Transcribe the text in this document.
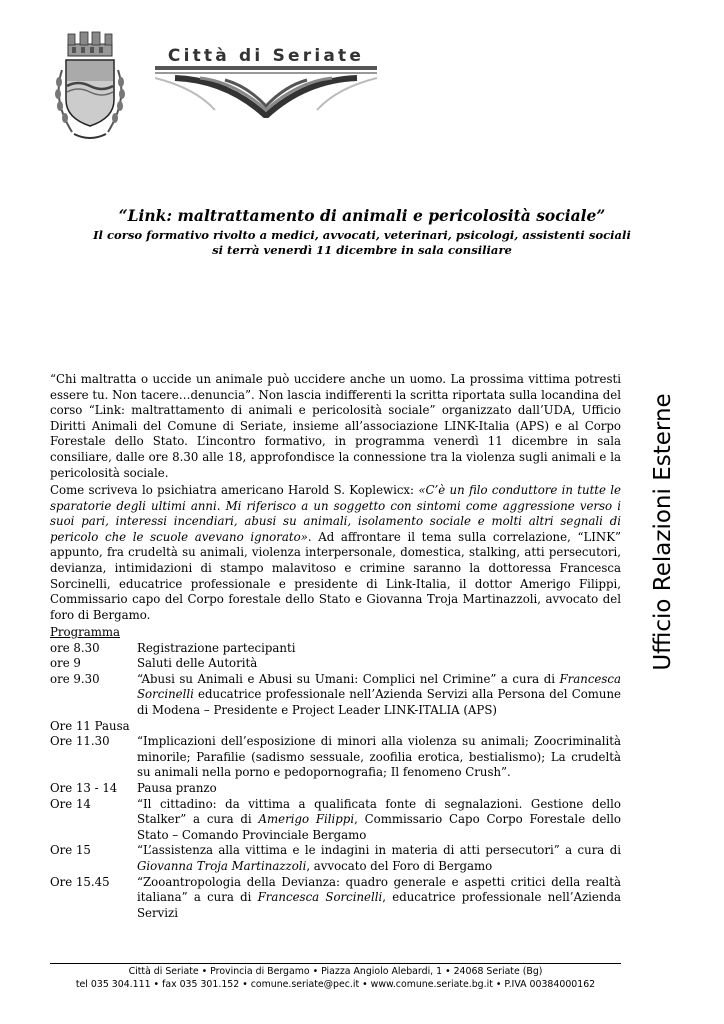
Città di Seriate
“Link: maltrattamento di animali e pericolosità sociale”
Il corso formativo rivolto a medici, avvocati, veterinari, psicologi, assistenti sociali
si terrà venerdì 11 dicembre in sala consiliare
Ufficio Relazioni Esterne
“Chi maltratta o uccide un animale può uccidere anche un uomo. La prossima vittima potresti essere tu. Non tacere…denuncia”. Non lascia indifferenti la scritta riportata sulla locandina del corso “Link: maltrattamento di animali e pericolosità sociale” organizzato dall’UDA, Ufficio Diritti Animali del Comune di Seriate, insieme all’associazione LINK-Italia (APS) e al Corpo Forestale dello Stato. L’incontro formativo, in programma venerdì 11 dicembre in sala consiliare, dalle ore 8.30 alle 18, approfondisce la connessione tra la violenza sugli animali e la pericolosità sociale.
Come scriveva lo psichiatra americano Harold S. Koplewicx: «C’è un filo conduttore in tutte le sparatorie degli ultimi anni. Mi riferisco a un soggetto con sintomi come aggressione verso i suoi pari, interessi incendiari, abusi su animali, isolamento sociale e molti altri segnali di pericolo che le scuole avevano ignorato». Ad affrontare il tema sulla correlazione, “LINK” appunto, fra crudeltà su animali, violenza interpersonale, domestica, stalking, atti persecutori, devianza, intimidazioni di stampo malavitoso e crimine saranno la dottoressa Francesca Sorcinelli, educatrice professionale e presidente di Link-Italia, il dottor Amerigo Filippi, Commissario capo del Corpo forestale dello Stato e Giovanna Troja Martinazzoli, avvocato del foro di Bergamo.
Programma
ore 8.30	Registrazione partecipanti
ore 9	Saluti delle Autorità
ore 9.30	“Abusi su Animali e Abusi su Umani: Complici nel Crimine” a cura di Francesca Sorcinelli educatrice professionale nell’Azienda Servizi alla Persona del Comune di Modena – Presidente e Project Leader LINK-ITALIA (APS)
Ore 11 Pausa
Ore 11.30	“Implicazioni dell’esposizione di minori alla violenza su animali; Zoocriminalità minorile; Parafilie (sadismo sessuale, zoofilia erotica, bestialismo); La crudeltà su animali nella porno e pedopornografia; Il fenomeno Crush”.
Ore 13 - 14	Pausa pranzo
Ore 14	“Il cittadino: da vittima a qualificata fonte di segnalazioni. Gestione dello Stalker” a cura di Amerigo Filippi, Commissario Capo Corpo Forestale dello Stato – Comando Provinciale Bergamo
Ore 15	“L’assistenza alla vittima e le indagini in materia di atti persecutori” a cura di Giovanna Troja Martinazzoli, avvocato del Foro di Bergamo
Ore 15.45	“Zooantropologia della Devianza: quadro generale e aspetti critici della realtà italiana” a cura di Francesca Sorcinelli, educatrice professionale nell’Azienda Servizi
Città di Seriate • Provincia di Bergamo • Piazza Angiolo Alebardi, 1 • 24068 Seriate (Bg)
tel 035 304.111 • fax 035 301.152 • comune.seriate@pec.it • www.comune.seriate.bg.it • P.IVA 00384000162
